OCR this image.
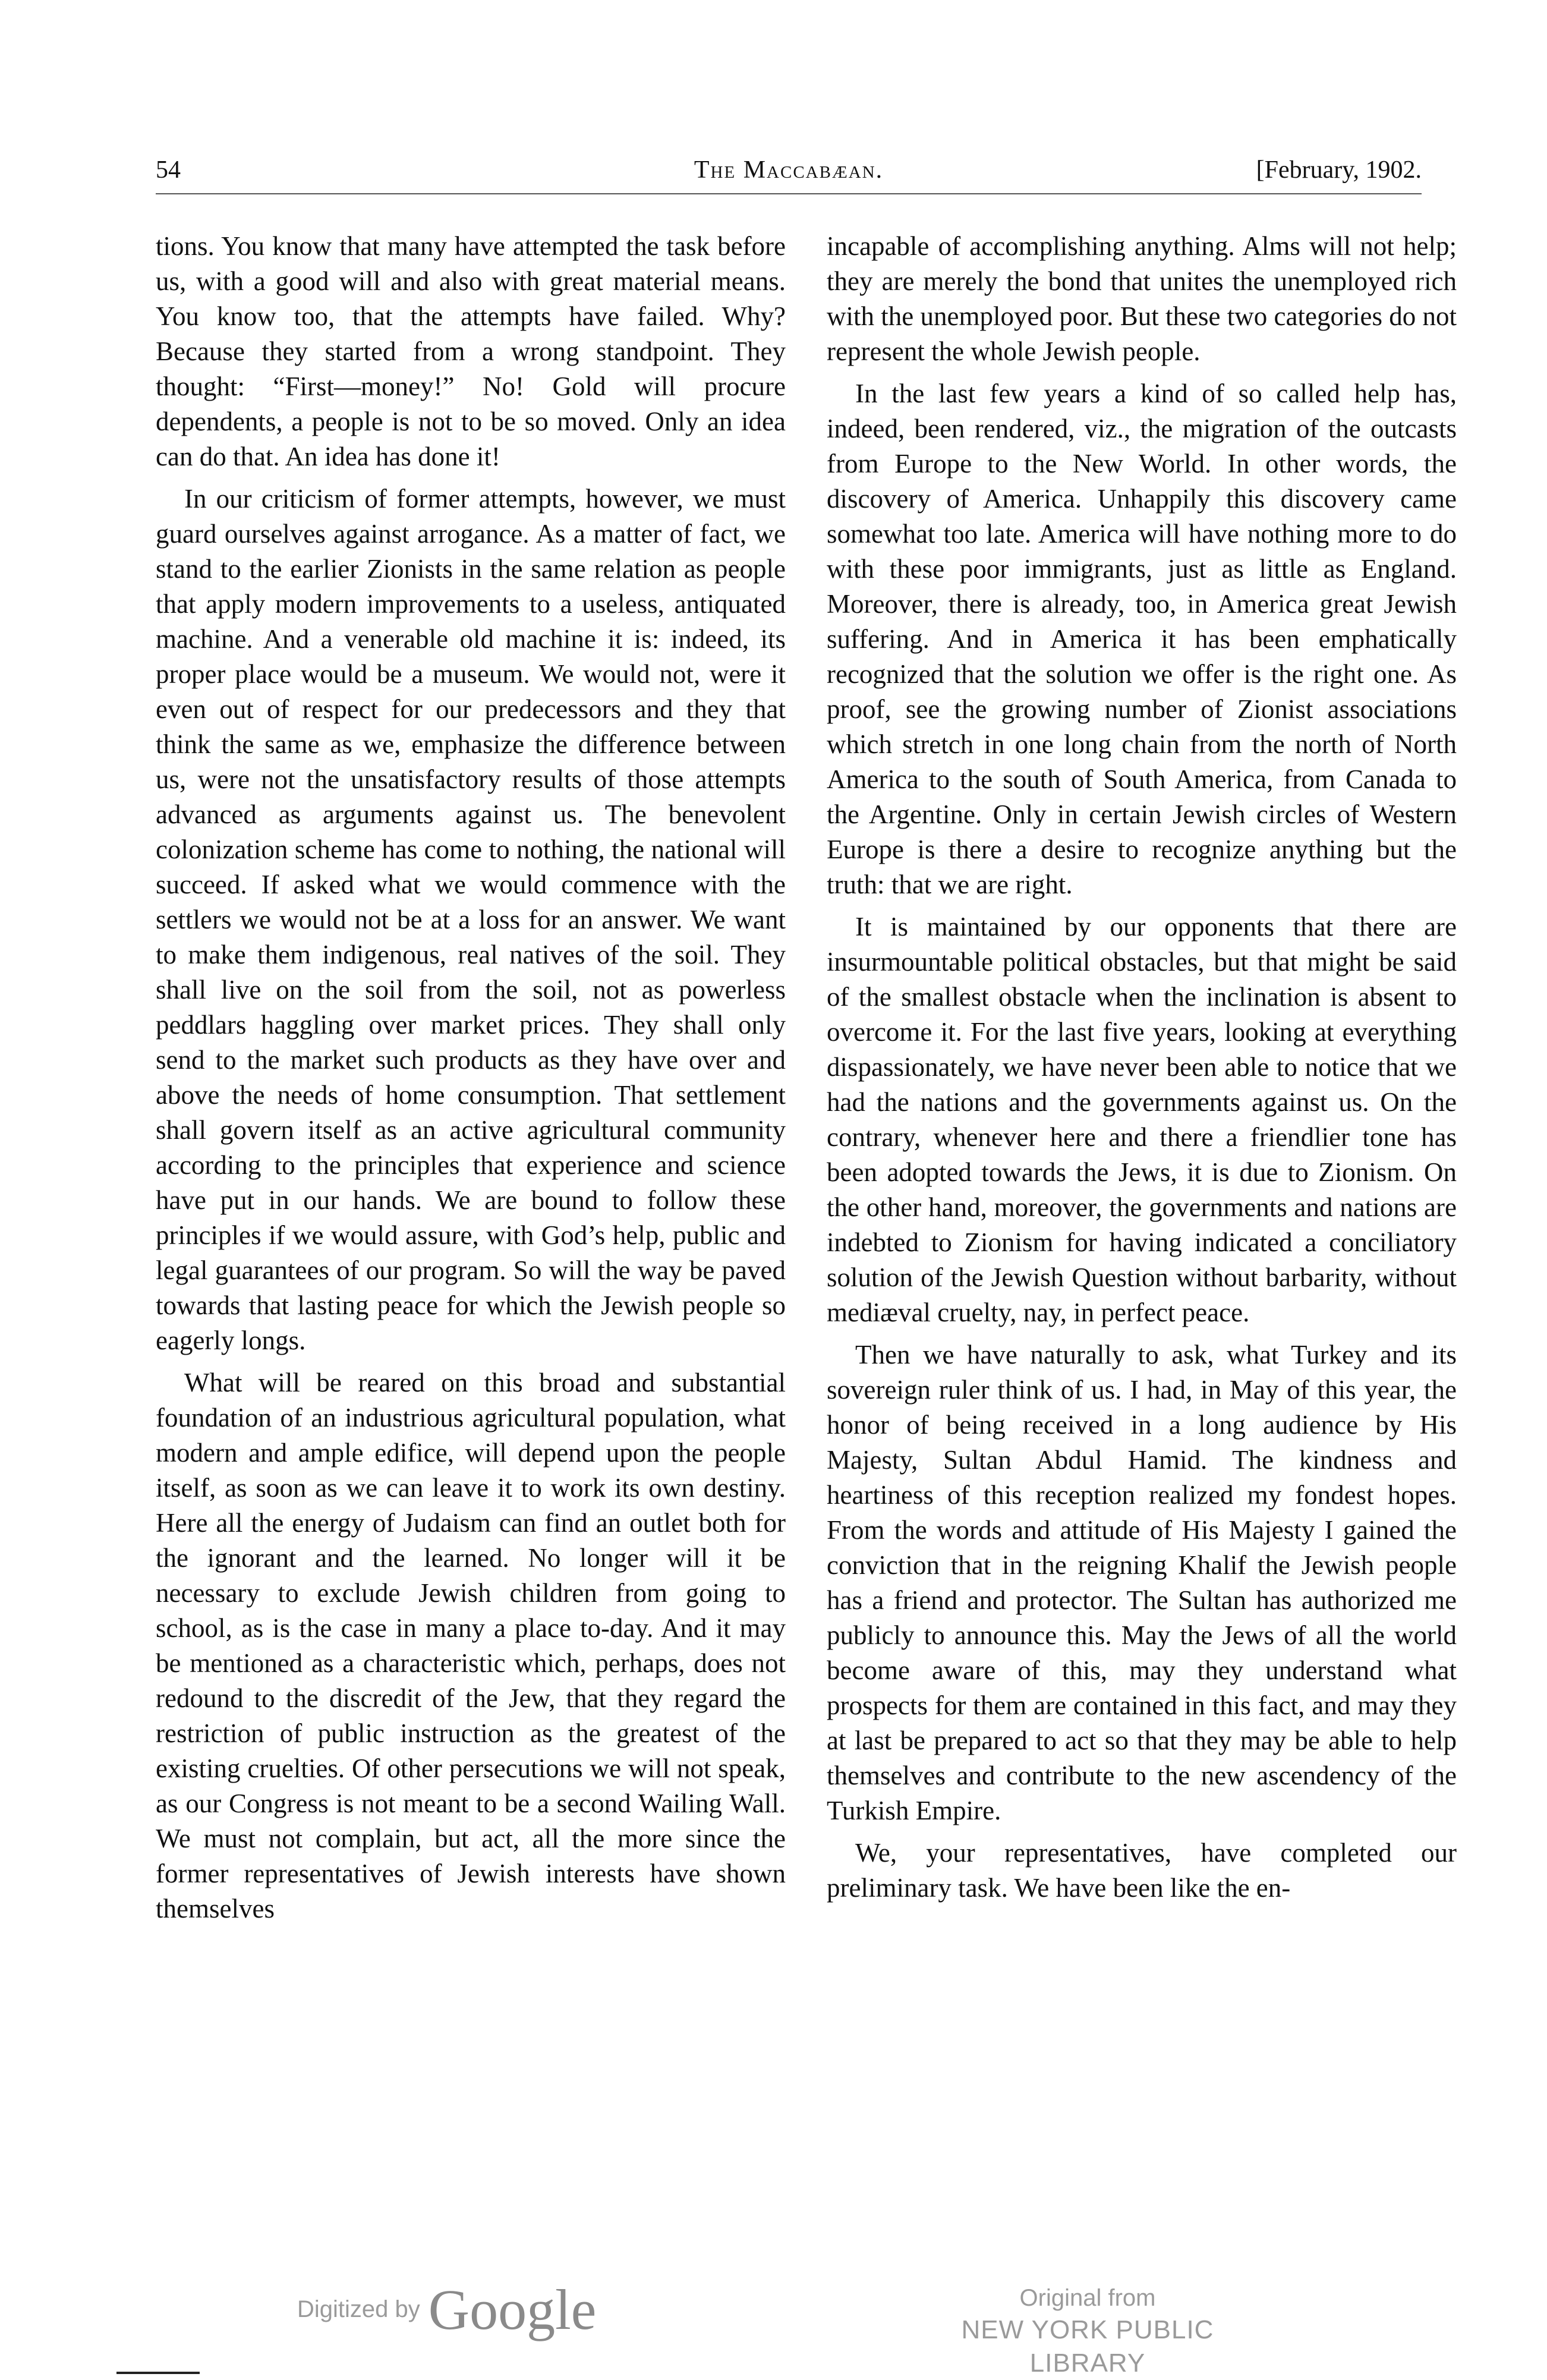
54	The Maccabæan.	[February, 1902.

tions. You know that many have attempted the task before us, with a good will and also with great material means. You know too, that the attempts have failed. Why? Because they started from a wrong standpoint. They thought: “First—money!” No! Gold will procure dependents, a people is not to be so moved. Only an idea can do that. An idea has done it!

In our criticism of former attempts, however, we must guard ourselves against arrogance. As a matter of fact, we stand to the earlier Zionists in the same relation as people that apply modern improvements to a useless, antiquated machine. And a venerable old machine it is: indeed, its proper place would be a museum. We would not, were it even out of respect for our predecessors and they that think the same as we, emphasize the difference between us, were not the unsatisfactory results of those attempts advanced as arguments against us. The benevolent colonization scheme has come to nothing, the national will succeed. If asked what we would commence with the settlers we would not be at a loss for an answer. We want to make them indigenous, real natives of the soil. They shall live on the soil from the soil, not as powerless peddlars haggling over market prices. They shall only send to the market such products as they have over and above the needs of home consumption. That settlement shall govern itself as an active agricultural community according to the principles that experience and science have put in our hands. We are bound to follow these principles if we would assure, with God’s help, public and legal guarantees of our program. So will the way be paved towards that lasting peace for which the Jewish people so eagerly longs.

What will be reared on this broad and substantial foundation of an industrious agricultural population, what modern and ample edifice, will depend upon the people itself, as soon as we can leave it to work its own destiny. Here all the energy of Judaism can find an outlet both for the ignorant and the learned. No longer will it be necessary to exclude Jewish children from going to school, as is the case in many a place to-day. And it may be mentioned as a characteristic which, perhaps, does not redound to the discredit of the Jew, that they regard the restriction of public instruction as the greatest of the existing cruelties. Of other persecutions we will not speak, as our Congress is not meant to be a second Wailing Wall. We must not complain, but act, all the more since the former representatives of Jewish interests have shown themselves

incapable of accomplishing anything. Alms will not help; they are merely the bond that unites the unemployed rich with the unemployed poor. But these two categories do not represent the whole Jewish people.

In the last few years a kind of so called help has, indeed, been rendered, viz., the migration of the outcasts from Europe to the New World. In other words, the discovery of America. Unhappily this discovery came somewhat too late. America will have nothing more to do with these poor immigrants, just as little as England. Moreover, there is already, too, in America great Jewish suffering. And in America it has been emphatically recognized that the solution we offer is the right one. As proof, see the growing number of Zionist associations which stretch in one long chain from the north of North America to the south of South America, from Canada to the Argentine. Only in certain Jewish circles of Western Europe is there a desire to recognize anything but the truth: that we are right.

It is maintained by our opponents that there are insurmountable political obstacles, but that might be said of the smallest obstacle when the inclination is absent to overcome it. For the last five years, looking at everything dispassionately, we have never been able to notice that we had the nations and the governments against us. On the contrary, whenever here and there a friendlier tone has been adopted towards the Jews, it is due to Zionism. On the other hand, moreover, the governments and nations are indebted to Zionism for having indicated a conciliatory solution of the Jewish Question without barbarity, without mediæval cruelty, nay, in perfect peace.

Then we have naturally to ask, what Turkey and its sovereign ruler think of us. I had, in May of this year, the honor of being received in a long audience by His Majesty, Sultan Abdul Hamid. The kindness and heartiness of this reception realized my fondest hopes. From the words and attitude of His Majesty I gained the conviction that in the reigning Khalif the Jewish people has a friend and protector. The Sultan has authorized me publicly to announce this. May the Jews of all the world become aware of this, may they understand what prospects for them are contained in this fact, and may they at last be prepared to act so that they may be able to help themselves and contribute to the new ascendency of the Turkish Empire.

We, your representatives, have completed our preliminary task. We have been like the en-

Digitized by Google	Original from
NEW YORK PUBLIC LIBRARY
